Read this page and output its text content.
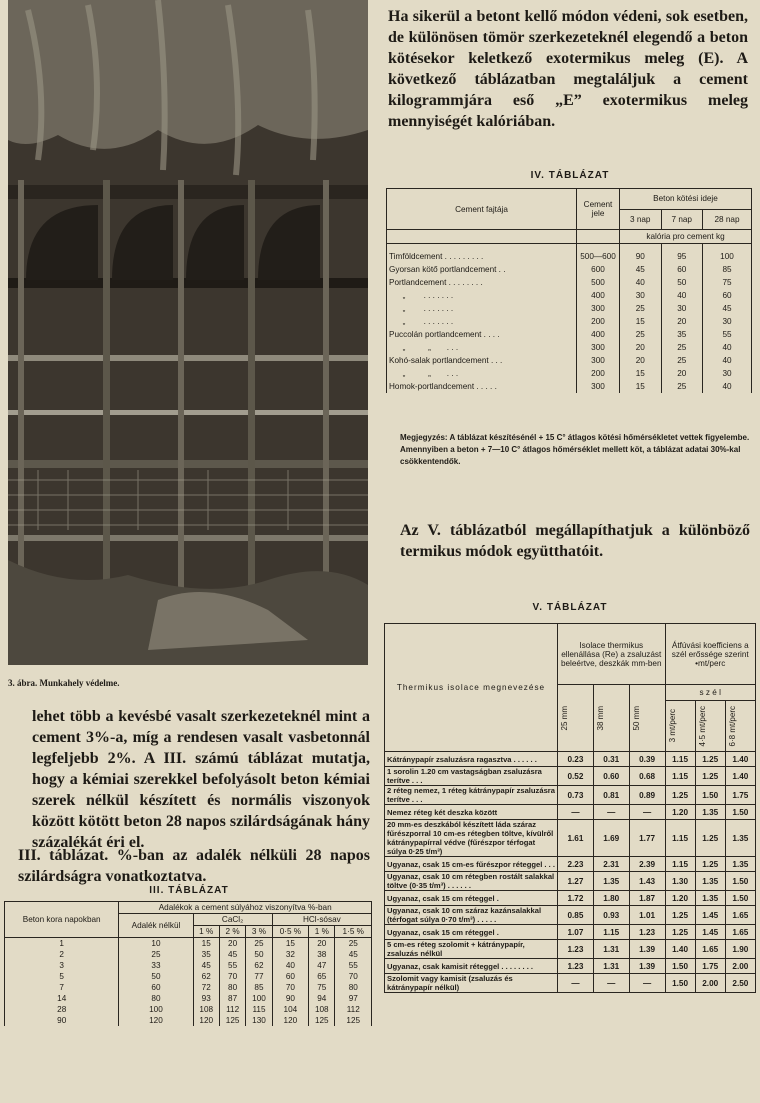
3. ábra. Munkahely védelme.
lehet több a kevésbé vasalt szerkezeteknél mint a cement 3%-a, míg a rendesen vasalt vasbetonnál legfeljebb 2%. A III. számú táblázat mutatja, hogy a kémiai szerekkel befolyásolt beton kémiai szerek nélkül készített és normális viszonyok között kötött beton 28 napos szilárdságának hány százalékát éri el.
III. táblázat. %-ban az adalék nélküli 28 napos szilárdságra vonatkoztatva.
III. TÁBLÁZAT
Beton kora napokban	Adalékok a cement súlyához viszonyítva %-ban						
	Adalék nélkül	CaCl₂			HCl-sósav		
		1 %	2 %	3 %	0·5 %	1 %	1·5 %
1	10	15	20	25	15	20	25
2	25	35	45	50	32	38	45
3	33	45	55	62	40	47	55
5	50	62	70	77	60	65	70
7	60	72	80	85	70	75	80
14	80	93	87	100	90	94	97
28	100	108	112	115	104	108	112
90	120	120	125	130	120	125	125
Ha sikerül a betont kellő módon védeni, sok esetben, de különösen tömör szerkezeteknél elegendő a beton kötésekor keletkező exotermikus meleg (E). A következő táblázatban megtaláljuk a cement kilogrammjára eső „E” exotermikus meleg mennyiségét kalóriában.
IV. TÁBLÁZAT
Cement fajtája	Cement jele	Beton kötési ideje		
		3 nap	7 nap	28 nap
		kalória pro cement kg		
Timföldcement . . . . . . . . .	500—600	90	95	100
Gyorsan kötő portlandcement . .	600	45	60	85
Portlandcement . . . . . . . .	500	40	50	75
„        . . . . . . .	400	30	40	60
„        . . . . . . .	300	25	30	45
„        . . . . . . .	200	15	20	30
Puccolán portlandcement . . . .	400	25	35	55
„          „       . . .	300	20	25	40
Kohó-salak portlandcement . . .	300	20	25	40
„          „       . . .	200	15	20	30
Homok-portlandcement . . . . .	300	15	25	40
Megjegyzés: A táblázat készítésénél + 15 C° átlagos kötési hőmérsékletet vettek figyelembe. Amennyiben a beton + 7—10 C° átlagos hőmérséklet mellett köt, a táblázat adatai 30%-kal csökkentendők.
Az V. táblázatból megállapíthatjuk a különböző termikus módok együtthatóit.
V. TÁBLÁZAT
Thermikus isolace megnevezése	Isolace thermikus ellenállása (Re) a zsaluzást beleértve, deszkák mm-ben			Átfúvási koefficiens a szél erőssége szerint •mt/perc		

	25 mm	38 mm	50 mm	s z é l		

				3 mt/perc	4·5 mt/perc	6·8 mt/perc

Kátránypapír zsaluzásra ragasztva . . . . . .	0.23	0.31	0.39	1.15	1.25	1.40
1 sorolin 1.20 cm vastagságban zsaluzásra terítve . . .	0.52	0.60	0.68	1.15	1.25	1.40
2 réteg nemez, 1 réteg kátránypapír zsaluzásra terítve . . .	0.73	0.81	0.89	1.25	1.50	1.75
Nemez réteg két deszka között	—	—	—	1.20	1.35	1.50
20 mm-es deszkából készített láda száraz fűrészporral 10 cm-es rétegben töltve, kívülről kátránypapírral védve (fűrészpor térfogat súlya 0·25 t/m³)	1.61	1.69	1.77	1.15	1.25	1.35
Ugyanaz, csak 15 cm-es fűrészpor réteggel . . .	2.23	2.31	2.39	1.15	1.25	1.35
Ugyanaz, csak 10 cm rétegben rostált salakkal töltve (0·35 t/m³) . . . . . .	1.27	1.35	1.43	1.30	1.35	1.50
Ugyanaz, csak 15 cm réteggel .	1.72	1.80	1.87	1.20	1.35	1.50
Ugyanaz, csak 10 cm száraz kazánsalakkal (térfogat súlya 0·70 t/m³) . . . . .	0.85	0.93	1.01	1.25	1.45	1.65
Ugyanaz, csak 15 cm réteggel .	1.07	1.15	1.23	1.25	1.45	1.65
5 cm-es réteg szolomit + kátránypapír, zsaluzás nélkül	1.23	1.31	1.39	1.40	1.65	1.90
Ugyanaz, csak kamisit réteggel . . . . . . . .	1.23	1.31	1.39	1.50	1.75	2.00
Szolomit vagy kamisit (zsaluzás és kátránypapír nélkül)	—	—	—	1.50	2.00	2.50
